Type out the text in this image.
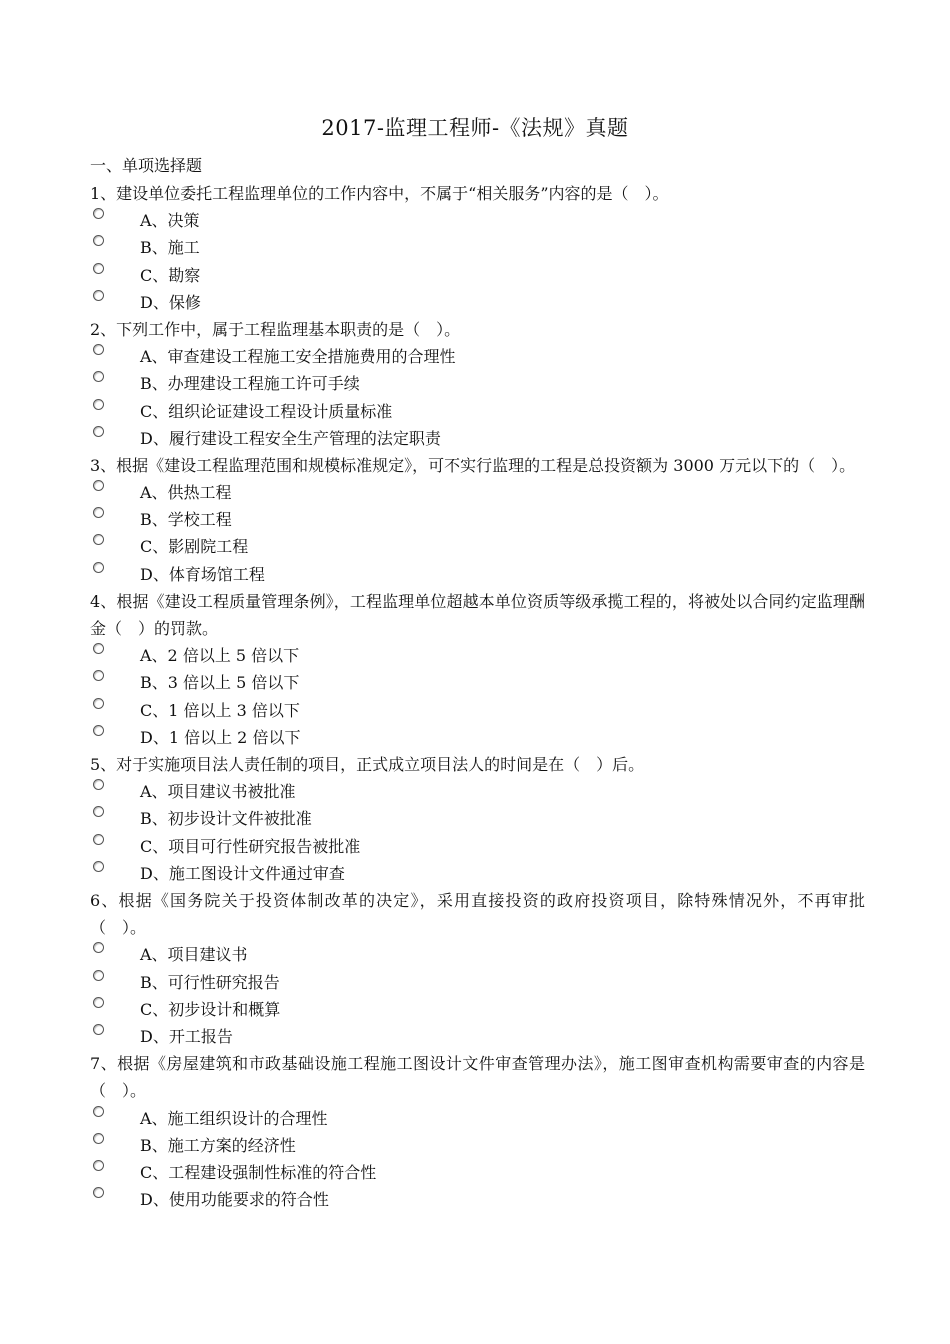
2017-监理工程师-《法规》真题
一、单项选择题
1、建设单位委托工程监理单位的工作内容中，不属于“相关服务”内容的是（　）。
A、决策
B、施工
C、勘察
D、保修
2、下列工作中，属于工程监理基本职责的是（　）。
A、审查建设工程施工安全措施费用的合理性
B、办理建设工程施工许可手续
C、组织论证建设工程设计质量标准
D、履行建设工程安全生产管理的法定职责
3、根据《建设工程监理范围和规模标准规定》，可不实行监理的工程是总投资额为 3000 万元以下的（　）。
A、供热工程
B、学校工程
C、影剧院工程
D、体育场馆工程
4、根据《建设工程质量管理条例》，工程监理单位超越本单位资质等级承揽工程的，将被处以合同约定监理酬金（　）的罚款。
A、2 倍以上 5 倍以下
B、3 倍以上 5 倍以下
C、1 倍以上 3 倍以下
D、1 倍以上 2 倍以下
5、对于实施项目法人责任制的项目，正式成立项目法人的时间是在（　）后。
A、项目建议书被批准
B、初步设计文件被批准
C、项目可行性研究报告被批准
D、施工图设计文件通过审查
6、根据《国务院关于投资体制改革的决定》，采用直接投资的政府投资项目，除特殊情况外，不再审批（　）。
A、项目建议书
B、可行性研究报告
C、初步设计和概算
D、开工报告
7、根据《房屋建筑和市政基础设施工程施工图设计文件审查管理办法》，施工图审查机构需要审查的内容是（　）。
A、施工组织设计的合理性
B、施工方案的经济性
C、工程建设强制性标准的符合性
D、使用功能要求的符合性
